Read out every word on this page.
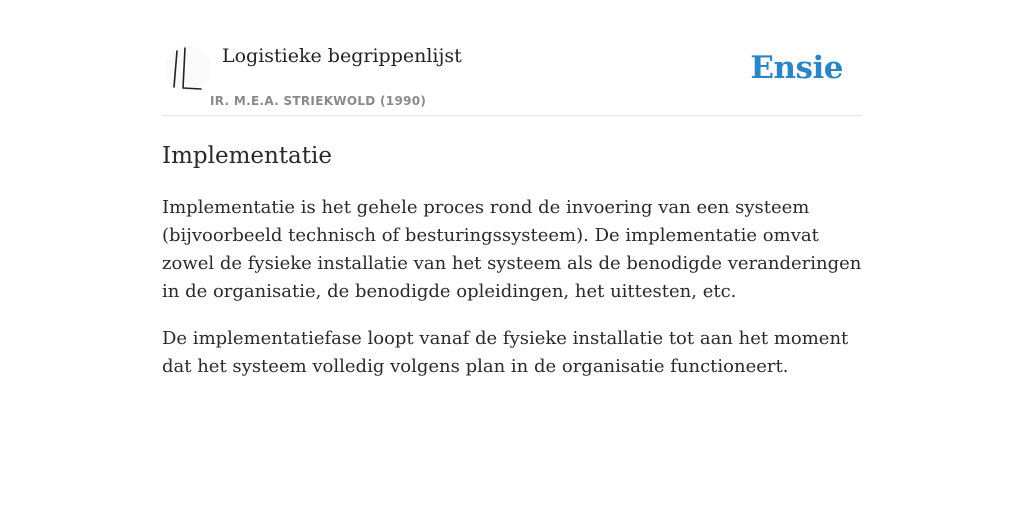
Logistieke begrippenlijst
IR. M.E.A. STRIEKWOLD (1990)
Ensie
Implementatie

Implementatie is het gehele proces rond de invoering van een systeem (bijvoorbeeld technisch of besturingssysteem). De implementatie omvat zowel de fysieke installatie van het systeem als de benodigde veranderingen in de organisatie, de benodigde opleidingen, het uittesten, etc.

De implementatiefase loopt vanaf de fysieke installatie tot aan het moment dat het systeem volledig volgens plan in de organisatie functioneert.
